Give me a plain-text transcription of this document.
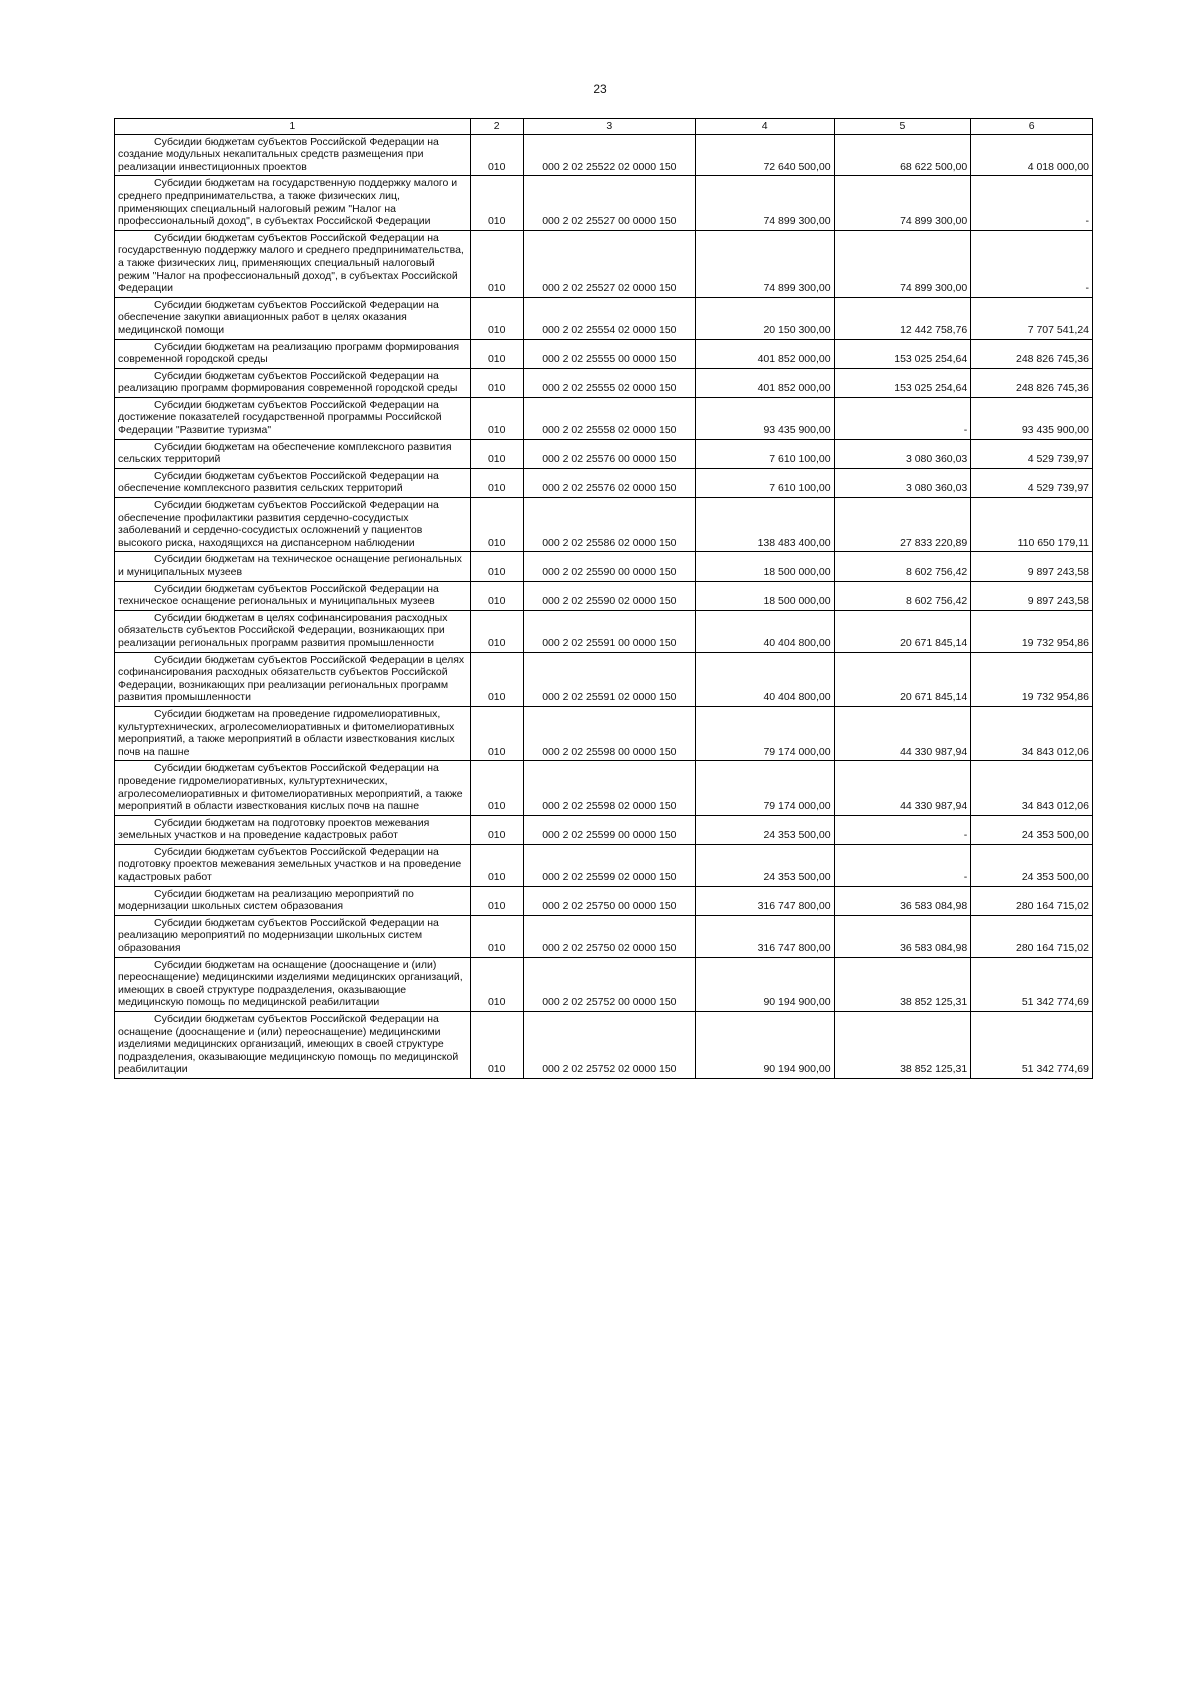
23
1	2	3	4	5	6
Субсидии бюджетам субъектов Российской Федерации на создание модульных некапитальных средств размещения при реализации инвестиционных проектов	010	000 2 02 25522 02 0000 150	72 640 500,00	68 622 500,00	4 018 000,00
Субсидии бюджетам на государственную поддержку малого и среднего предпринимательства, а также физических лиц, применяющих специальный налоговый режим "Налог на профессиональный доход", в субъектах Российской Федерации	010	000 2 02 25527 00 0000 150	74 899 300,00	74 899 300,00	-
Субсидии бюджетам субъектов Российской Федерации на государственную поддержку малого и среднего предпринимательства, а также физических лиц, применяющих специальный налоговый режим "Налог на профессиональный доход", в субъектах Российской Федерации	010	000 2 02 25527 02 0000 150	74 899 300,00	74 899 300,00	-
Субсидии бюджетам субъектов Российской Федерации на обеспечение закупки авиационных работ в целях оказания медицинской помощи	010	000 2 02 25554 02 0000 150	20 150 300,00	12 442 758,76	7 707 541,24
Субсидии бюджетам на реализацию программ формирования современной городской среды	010	000 2 02 25555 00 0000 150	401 852 000,00	153 025 254,64	248 826 745,36
Субсидии бюджетам субъектов Российской Федерации на реализацию программ формирования современной городской среды	010	000 2 02 25555 02 0000 150	401 852 000,00	153 025 254,64	248 826 745,36
Субсидии бюджетам субъектов Российской Федерации на достижение показателей государственной программы Российской Федерации "Развитие туризма"	010	000 2 02 25558 02 0000 150	93 435 900,00	-	93 435 900,00
Субсидии бюджетам на обеспечение комплексного развития сельских территорий	010	000 2 02 25576 00 0000 150	7 610 100,00	3 080 360,03	4 529 739,97
Субсидии бюджетам субъектов Российской Федерации на обеспечение комплексного развития сельских территорий	010	000 2 02 25576 02 0000 150	7 610 100,00	3 080 360,03	4 529 739,97
Субсидии бюджетам субъектов Российской Федерации на обеспечение профилактики развития сердечно-сосудистых заболеваний и сердечно-сосудистых осложнений у пациентов высокого риска, находящихся на диспансерном наблюдении	010	000 2 02 25586 02 0000 150	138 483 400,00	27 833 220,89	110 650 179,11
Субсидии бюджетам на техническое оснащение региональных и муниципальных музеев	010	000 2 02 25590 00 0000 150	18 500 000,00	8 602 756,42	9 897 243,58
Субсидии бюджетам субъектов Российской Федерации на техническое оснащение региональных и муниципальных музеев	010	000 2 02 25590 02 0000 150	18 500 000,00	8 602 756,42	9 897 243,58
Субсидии бюджетам в целях софинансирования расходных обязательств субъектов Российской Федерации, возникающих при реализации региональных программ развития промышленности	010	000 2 02 25591 00 0000 150	40 404 800,00	20 671 845,14	19 732 954,86
Субсидии бюджетам субъектов Российской Федерации в целях софинансирования расходных обязательств субъектов Российской Федерации, возникающих при реализации региональных программ развития промышленности	010	000 2 02 25591 02 0000 150	40 404 800,00	20 671 845,14	19 732 954,86
Субсидии бюджетам на проведение гидромелиоративных, культуртехнических, агролесомелиоративных и фитомелиоративных мероприятий, а также мероприятий в области известкования кислых почв на пашне	010	000 2 02 25598 00 0000 150	79 174 000,00	44 330 987,94	34 843 012,06
Субсидии бюджетам субъектов Российской Федерации на проведение гидромелиоративных, культуртехнических, агролесомелиоративных и фитомелиоративных мероприятий, а также мероприятий в области известкования кислых почв на пашне	010	000 2 02 25598 02 0000 150	79 174 000,00	44 330 987,94	34 843 012,06
Субсидии бюджетам на подготовку проектов межевания земельных участков и на проведение кадастровых работ	010	000 2 02 25599 00 0000 150	24 353 500,00	-	24 353 500,00
Субсидии бюджетам субъектов Российской Федерации на подготовку проектов межевания земельных участков и на проведение кадастровых работ	010	000 2 02 25599 02 0000 150	24 353 500,00	-	24 353 500,00
Субсидии бюджетам на реализацию мероприятий по модернизации школьных систем образования	010	000 2 02 25750 00 0000 150	316 747 800,00	36 583 084,98	280 164 715,02
Субсидии бюджетам субъектов Российской Федерации на реализацию мероприятий по модернизации школьных систем образования	010	000 2 02 25750 02 0000 150	316 747 800,00	36 583 084,98	280 164 715,02
Субсидии бюджетам на оснащение (дооснащение и (или) переоснащение) медицинскими изделиями медицинских организаций, имеющих в своей структуре подразделения, оказывающие медицинскую помощь по медицинской реабилитации	010	000 2 02 25752 00 0000 150	90 194 900,00	38 852 125,31	51 342 774,69
Субсидии бюджетам субъектов Российской Федерации на оснащение (дооснащение и (или) переоснащение) медицинскими изделиями медицинских организаций, имеющих в своей структуре подразделения, оказывающие медицинскую помощь по медицинской реабилитации	010	000 2 02 25752 02 0000 150	90 194 900,00	38 852 125,31	51 342 774,69
